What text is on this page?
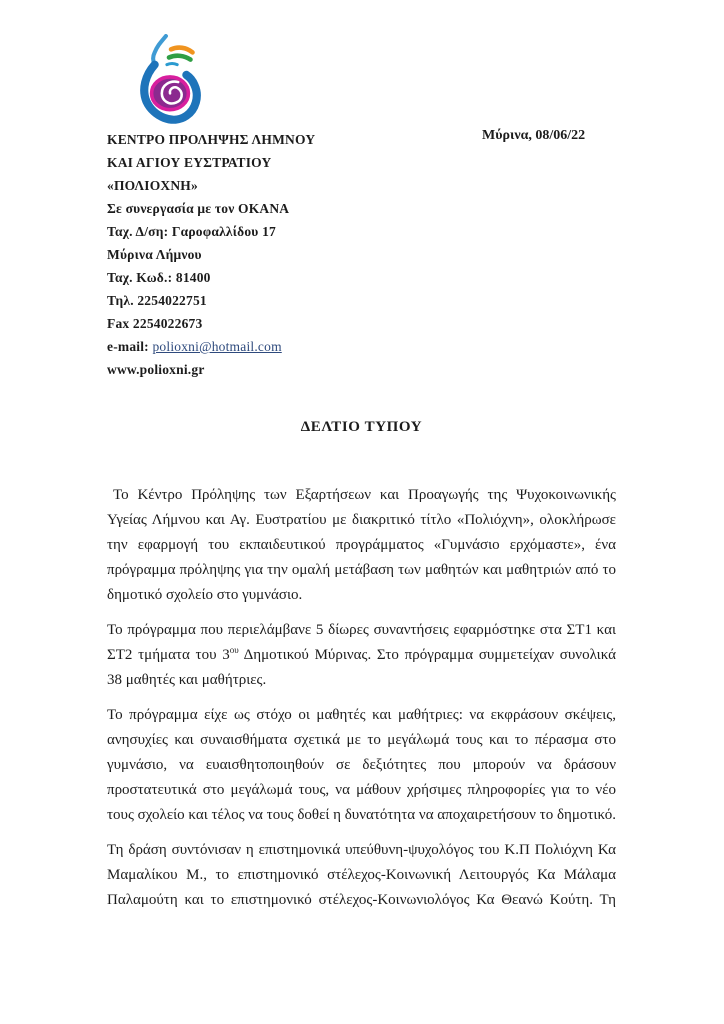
Μύρινα, 08/06/22
ΚΕΝΤΡΟ ΠΡΟΛΗΨΗΣ ΛΗΜΝΟΥ
ΚΑΙ ΑΓΙΟΥ ΕΥΣΤΡΑΤΙΟΥ
«ΠΟΛΙΟΧΝΗ»
Σε συνεργασία με τον ΟΚΑΝΑ
Ταχ. Δ/ση: Γαροφαλλίδου 17
Μύρινα Λήμνου
Ταχ. Κωδ.: 81400
Τηλ. 2254022751
Fax 2254022673
e-mail: polioxni@hotmail.com
www.polioxni.gr
ΔΕΛΤΙΟ ΤΥΠΟΥ

Το Κέντρο Πρόληψης των Εξαρτήσεων και Προαγωγής της Ψυχοκοινωνικής Υγείας Λήμνου και Αγ. Ευστρατίου με διακριτικό τίτλο «Πολιόχνη», ολοκλήρωσε την εφαρμογή του εκπαιδευτικού προγράμματος «Γυμνάσιο ερχόμαστε», ένα πρόγραμμα πρόληψης για την ομαλή μετάβαση των μαθητών και μαθητριών από το δημοτικό σχολείο στο γυμνάσιο.

Το πρόγραμμα που περιελάμβανε 5 δίωρες συναντήσεις εφαρμόστηκε στα ΣΤ1 και ΣΤ2 τμήματα του $3^{o\upsilon}$ Δημοτικού Μύρινας. Στο πρόγραμμα συμμετείχαν συνολικά 38 μαθητές και μαθήτριες.

Το πρόγραμμα είχε ως στόχο οι μαθητές και μαθήτριες: να εκφράσουν σκέψεις, ανησυχίες και συναισθήματα σχετικά με το μεγάλωμά τους και το πέρασμα στο γυμνάσιο, να ευαισθητοποιηθούν σε δεξιότητες που μπορούν να δράσουν προστατευτικά στο μεγάλωμά τους, να μάθουν χρήσιμες πληροφορίες για το νέο τους σχολείο και τέλος να τους δοθεί η δυνατότητα να αποχαιρετήσουν το δημοτικό.

Τη δράση συντόνισαν η επιστημονικά υπεύθυνη-ψυχολόγος του Κ.Π Πολιόχνη Κα Μαμαλίκου Μ., το επιστημονικό στέλεχος-Κοινωνική Λειτουργός Κα Μάλαμα Παλαμούτη και το επιστημονικό στέλεχος-Κοινωνιολόγος Κα Θεανώ Κούτη. Τη
